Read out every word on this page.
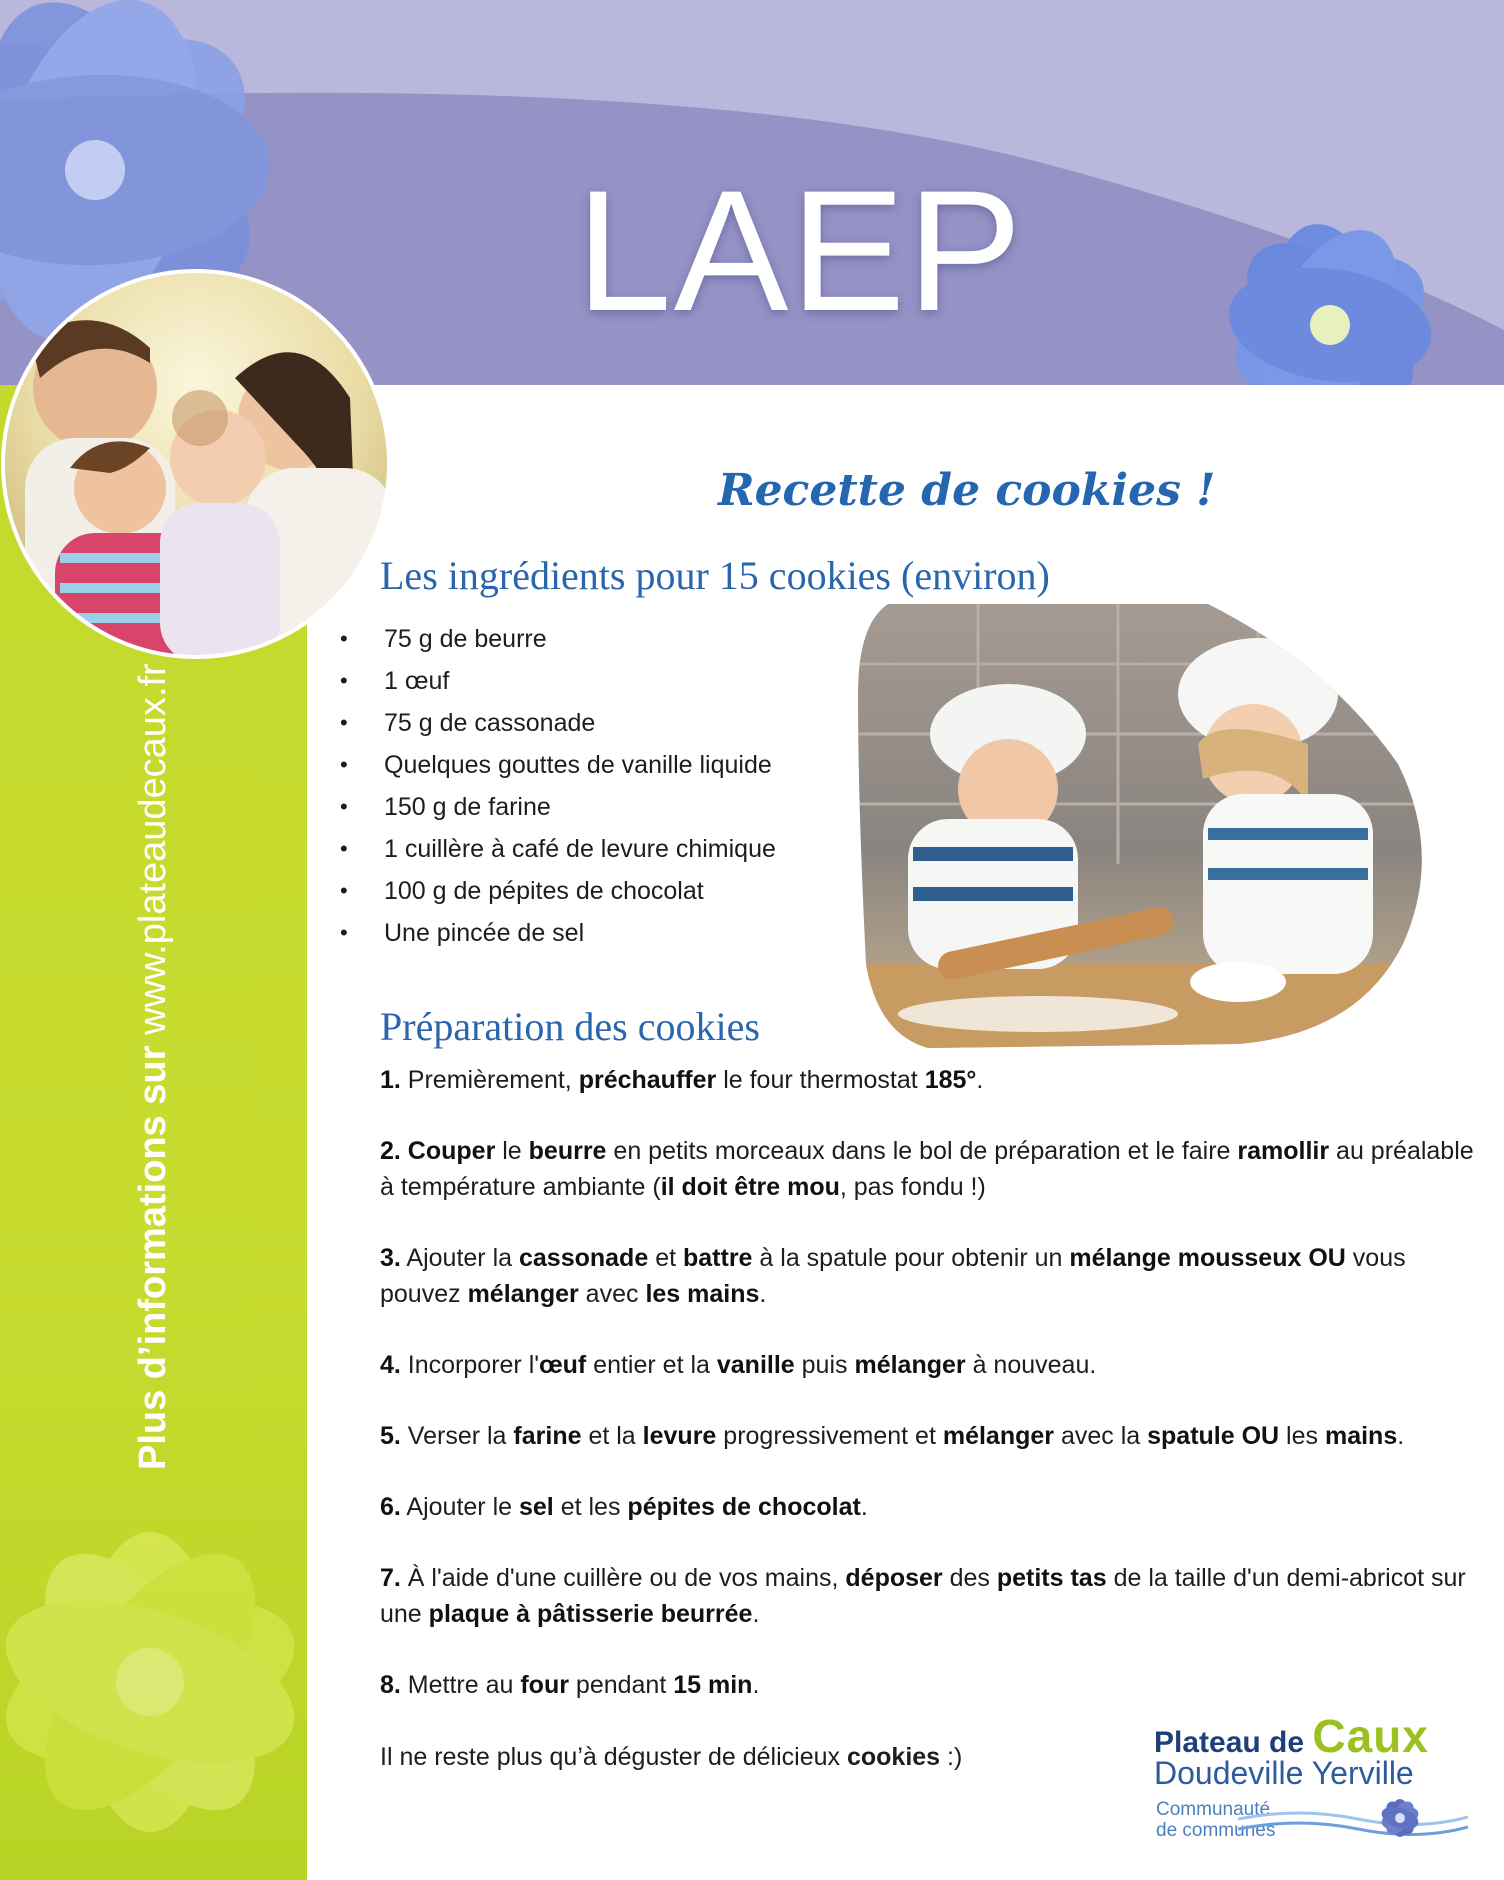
LAEP
Recette de cookies !
Les ingrédients pour 15 cookies (environ)
• 75 g de beurre
• 1 œuf
• 75 g de cassonade
• Quelques gouttes de vanille liquide
• 150 g de farine
• 1 cuillère à café de levure chimique
• 100 g de pépites de chocolat
• Une pincée de sel
Préparation des cookies

1. Premièrement, préchauffer le four thermostat 185°.

2. Couper le beurre en petits morceaux dans le bol de préparation et le faire ramollir au préalable à température ambiante (il doit être mou, pas fondu !)

3. Ajouter la cassonade et battre à la spatule pour obtenir un mélange mousseux OU vous pouvez mélanger avec les mains.

4. Incorporer l'œuf entier et la vanille puis mélanger à nouveau.

5. Verser la farine et la levure progressivement et mélanger avec la spatule OU les mains.

6. Ajouter le sel et les pépites de chocolat.

7. À l'aide d'une cuillère ou de vos mains, déposer des petits tas de la taille d'un demi-abricot sur une plaque à pâtisserie beurrée.

8. Mettre au four pendant 15 min.

Il ne reste plus qu’à déguster de délicieux cookies :)
Plus d’informations sur www.plateaudecaux.fr
Plateau de Caux
Doudeville Yerville
Communauté
de communes
